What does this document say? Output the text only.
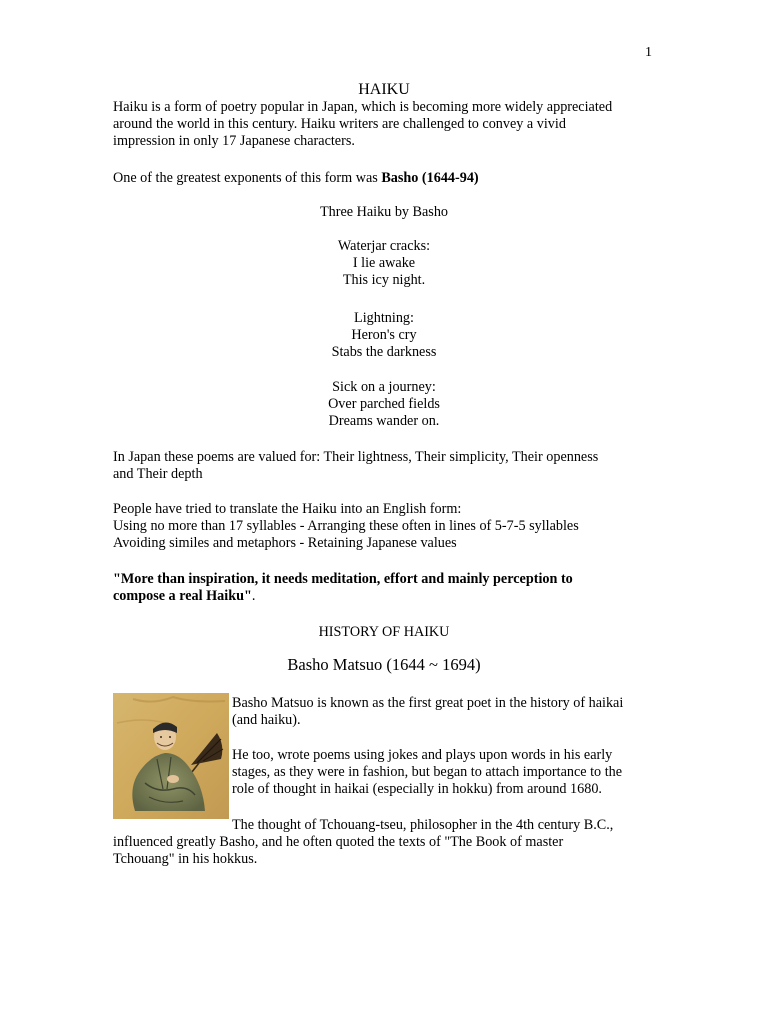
1
HAIKU
Haiku is a form of poetry popular in Japan, which is becoming more widely appreciated
around the world in this century. Haiku writers are challenged to convey a vivid
impression in only 17 Japanese characters.
One of the greatest exponents of this form was Basho (1644-94)
Three Haiku by Basho
Waterjar cracks:
I lie awake
This icy night.
Lightning:
Heron's cry
Stabs the darkness
Sick on a journey:
Over parched fields
Dreams wander on.
In Japan these poems are valued for: Their lightness, Their simplicity, Their openness
and Their depth
People have tried to translate the Haiku into an English form:
Using no more than 17 syllables - Arranging these often in lines of 5-7-5 syllables
Avoiding similes and metaphors - Retaining Japanese values
"More than inspiration, it needs meditation, effort and mainly perception to
compose a real Haiku".
HISTORY OF HAIKU
Basho Matsuo (1644 ~ 1694)
Basho Matsuo is known as the first great poet in the history of haikai
(and haiku).
He too, wrote poems using jokes and plays upon words in his early
stages, as they were in fashion, but began to attach importance to the
role of thought in haikai (especially in hokku) from around 1680.
The thought of Tchouang-tseu, philosopher in the 4th century B.C.,
influenced greatly Basho, and he often quoted the texts of "The Book of master
Tchouang" in his hokkus.
